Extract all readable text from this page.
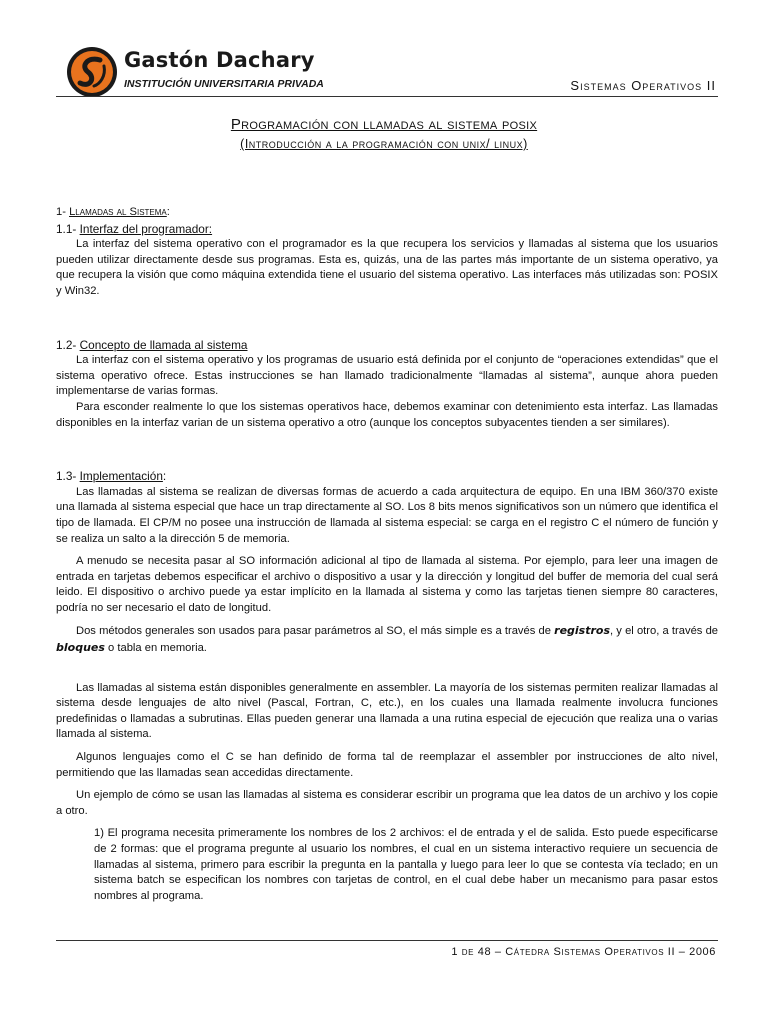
Gastón Dachary
INSTITUCIÓN UNIVERSITARIA PRIVADA	Sistemas Operativos II
Programación con llamadas al sistema posix
(Introducción a la programación con unix/ linux)
1- Llamadas al Sistema:
1.1- Interfaz del programador:

La interfaz del sistema operativo con el programador es la que recupera los servicios y llamadas al sistema que los usuarios pueden utilizar directamente desde sus programas. Esta es, quizás, una de las partes más importante de un sistema operativo, ya que recupera la visión que como máquina extendida tiene el usuario del sistema operativo. Las interfaces más utilizadas son: POSIX y Win32.

1.2- Concepto de llamada al sistema

La interfaz con el sistema operativo y los programas de usuario está definida por el conjunto de “operaciones extendidas” que el sistema operativo ofrece. Estas instrucciones se han llamado tradicionalmente “llamadas al sistema”, aunque ahora pueden implementarse de varias formas.

Para esconder realmente lo que los sistemas operativos hace, debemos examinar con detenimiento esta interfaz. Las llamadas disponibles en la interfaz varian de un sistema operativo a otro (aunque los conceptos subyacentes tienden a ser similares).

1.3- Implementación:

Las llamadas al sistema se realizan de diversas formas de acuerdo a cada arquitectura de equipo. En una IBM 360/370 existe una llamada al sistema especial que hace un trap directamente al SO. Los 8 bits menos significativos son un número que identifica el tipo de llamada. El CP/M no posee una instrucción de llamada al sistema especial: se carga en el registro C el número de función y se realiza un salto a la dirección 5 de memoria.

A menudo se necesita pasar al SO información adicional al tipo de llamada al sistema. Por ejemplo, para leer una imagen de entrada en tarjetas debemos especificar el archivo o dispositivo a usar y la dirección y longitud del buffer de memoria del cual será leido. El dispositivo o archivo puede ya estar implícito en la llamada al sistema y como las tarjetas tienen siempre 80 caracteres, podría no ser necesario el dato de longitud.

Dos métodos generales son usados para pasar parámetros al SO, el más simple es a través de registros, y el otro, a través de bloques o tabla en memoria.

Las llamadas al sistema están disponibles generalmente en assembler. La mayoría de los sistemas permiten realizar llamadas al sistema desde lenguajes de alto nivel (Pascal, Fortran, C, etc.), en los cuales una llamada realmente involucra funciones predefinidas o llamadas a subrutinas. Ellas pueden generar una llamada a una rutina especial de ejecución que realiza una o varias llamada al sistema.

Algunos lenguajes como el C se han definido de forma tal de reemplazar el assembler por instrucciones de alto nivel, permitiendo que las llamadas sean accedidas directamente.

Un ejemplo de cómo se usan las llamadas al sistema es considerar escribir un programa que lea datos de un archivo y los copie a otro.

1) El programa necesita primeramente los nombres de los 2 archivos: el de entrada y el de salida. Esto puede especificarse de 2 formas: que el programa pregunte al usuario los nombres, el cual en un sistema interactivo requiere un secuencia de llamadas al sistema, primero para escribir la pregunta en la pantalla y luego para leer lo que se contesta vía teclado; en un sistema batch se especifican los nombres con tarjetas de control, en el cual debe haber un mecanismo para pasar estos nombres al programa.

1 de 48 – Cátedra Sistemas Operativos II – 2006
